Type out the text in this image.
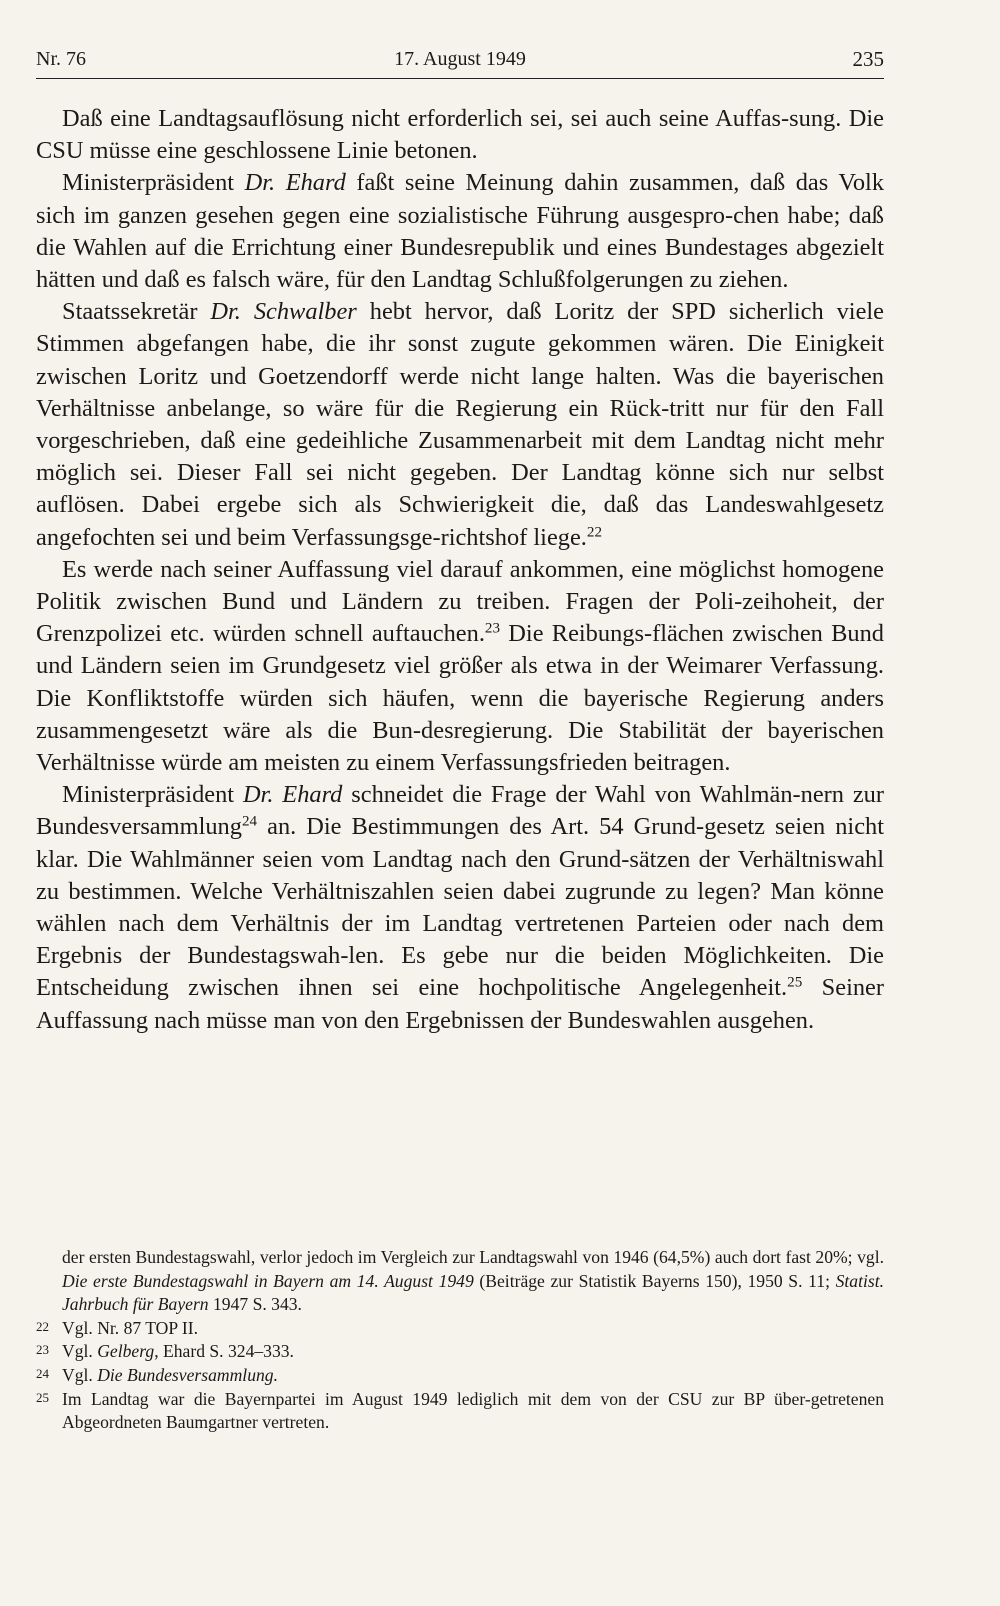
Nr. 76	17. August 1949	235

Daß eine Landtagsauflösung nicht erforderlich sei, sei auch seine Auffas-sung. Die CSU müsse eine geschlossene Linie betonen.

Ministerpräsident Dr. Ehard faßt seine Meinung dahin zusammen, daß das Volk sich im ganzen gesehen gegen eine sozialistische Führung ausgespro-chen habe; daß die Wahlen auf die Errichtung einer Bundesrepublik und eines Bundestages abgezielt hätten und daß es falsch wäre, für den Landtag Schlußfolgerungen zu ziehen.

Staatssekretär Dr. Schwalber hebt hervor, daß Loritz der SPD sicherlich viele Stimmen abgefangen habe, die ihr sonst zugute gekommen wären. Die Einigkeit zwischen Loritz und Goetzendorff werde nicht lange halten. Was die bayerischen Verhältnisse anbelange, so wäre für die Regierung ein Rück-tritt nur für den Fall vorgeschrieben, daß eine gedeihliche Zusammenarbeit mit dem Landtag nicht mehr möglich sei. Dieser Fall sei nicht gegeben. Der Landtag könne sich nur selbst auflösen. Dabei ergebe sich als Schwierigkeit die, daß das Landeswahlgesetz angefochten sei und beim Verfassungsge-richtshof liege.$^{22}$

Es werde nach seiner Auffassung viel darauf ankommen, eine möglichst homogene Politik zwischen Bund und Ländern zu treiben. Fragen der Poli-zeihoheit, der Grenzpolizei etc. würden schnell auftauchen.$^{23}$ Die Reibungs-flächen zwischen Bund und Ländern seien im Grundgesetz viel größer als etwa in der Weimarer Verfassung. Die Konfliktstoffe würden sich häufen, wenn die bayerische Regierung anders zusammengesetzt wäre als die Bun-desregierung. Die Stabilität der bayerischen Verhältnisse würde am meisten zu einem Verfassungsfrieden beitragen.

Ministerpräsident Dr. Ehard schneidet die Frage der Wahl von Wahlmän-nern zur Bundesversammlung$^{24}$ an. Die Bestimmungen des Art. 54 Grund-gesetz seien nicht klar. Die Wahlmänner seien vom Landtag nach den Grund-sätzen der Verhältniswahl zu bestimmen. Welche Verhältniszahlen seien dabei zugrunde zu legen? Man könne wählen nach dem Verhältnis der im Landtag vertretenen Parteien oder nach dem Ergebnis der Bundestagswah-len. Es gebe nur die beiden Möglichkeiten. Die Entscheidung zwischen ihnen sei eine hochpolitische Angelegenheit.$^{25}$ Seiner Auffassung nach müsse man von den Ergebnissen der Bundeswahlen ausgehen.

der ersten Bundestagswahl, verlor jedoch im Vergleich zur Landtagswahl von 1946 (64,5%) auch dort fast 20%; vgl. Die erste Bundestagswahl in Bayern am 14. August 1949 (Beiträge zur Statistik Bayerns 150), 1950 S. 11; Statist. Jahrbuch für Bayern 1947 S. 343.
22 Vgl. Nr. 87 TOP II.
23 Vgl. Gelberg, Ehard S. 324–333.
24 Vgl. Die Bundesversammlung.
25 Im Landtag war die Bayernpartei im August 1949 lediglich mit dem von der CSU zur BP über-getretenen Abgeordneten Baumgartner vertreten.
